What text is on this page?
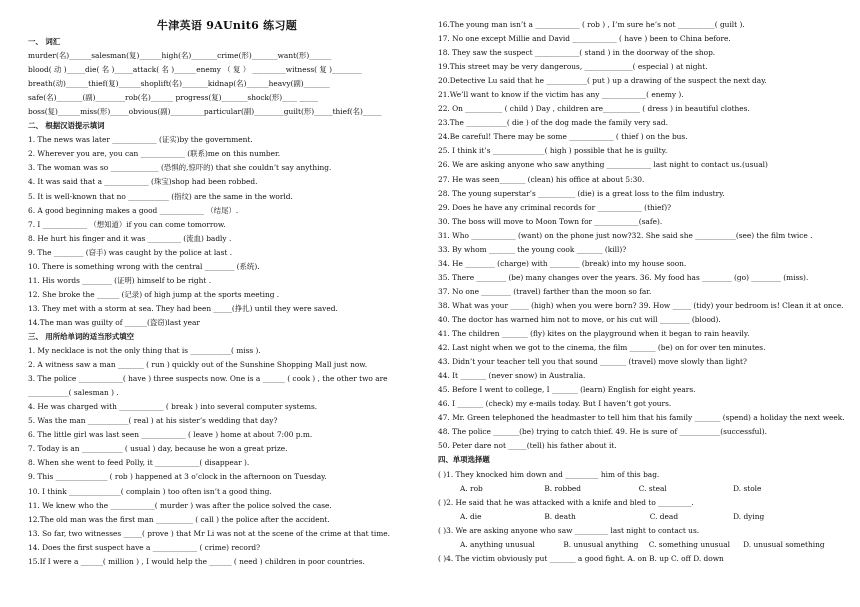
牛津英语 9AUnit6 练习题
一、 词汇
murder(名)______salesman(复)______high(名)_______crime(形)_______want(形)______
blood( 动 )_____die( 名 )_____attack( 名 )______enemy （ 复 ） _________witness( 复 )________
breath(动)______thief(复)______shoplift(名)_______kidnap(名)______heavy(副)_______
safe(名)_______(副)________rob(名)______ progress(复)_______shock(形)____ _____
boss(复)______miss(形)_____obvious(副)_________particular(副)________guilt(形)_____thief(名)_____
二、 根据汉语提示填词
1. The news was later ____________ (证实)by the government.
2. Wherever you are, you can ____________ (联系)me on this number.
3. The woman was so _____________ (恐惧的,惊吓的) that she couldn’t say anything.
4. It was said that a ____________ (珠宝)shop had been robbed.
5. It is well-known that no ___________ (指纹) are the same in the world.
6. A good beginning makes a good ____________ （结尾）.
7. I ____________ （想知道）if you can come tomorrow.
8. He hurt his finger and it was _________ (流血) badly .
9. The ________ (窃手) was caught by the police at last .
10. There is something wrong with the central ________ (系统).
11. His words ________ (证明) himself to be right .
12. She broke the ______ (记录) of high jump at the sports meeting .
13. They met with a storm at sea. They had been _____(挣扎) until they were saved.
14.The man was guilty of ______(盗窃)last year
三、 用所给单词的适当形式填空
1. My necklace is not the only thing that is ___________( miss ).
2. A witness saw a man _______ ( run ) quickly out of the Sunshine Shopping Mall just now.
3. The police ____________( have ) three suspects now. One is a ______ ( cook ) , the other two are
___________( salesman ) .
4. He was charged with ____________ ( break ) into several computer systems.
5. Was the man ___________( real ) at his sister’s wedding that day?
6. The little girl was last seen ____________ ( leave ) home at about 7:00 p.m.
7. Today is an ___________ ( usual ) day, because he won a great prize.
8. When she went to feed Polly, it ____________( disappear ).
9. This ______________ ( rob ) happened at 3 o’clock in the afternoon on Tuesday.
10. I think ______________( complain ) too often isn’t a good thing.
11. We knew who the ____________( murder ) was after the police solved the case.
12.The old man was the first man __________ ( call ) the police after the accident.
13. So far, two witnesses _____( prove ) that Mr Li was not at the scene of the crime at that time.
14. Does the first suspect have a ____________ ( crime) record?
15.If I were a ______( million ) , I would help the ______ ( need ) children in poor countries.
16.The young man isn’t a ____________ ( rob ) , I’m sure he’s not __________( guilt ).
17. No one except Millie and David ____________ ( have ) been to China before.
18. They saw the suspect ____________( stand ) in the doorway of the shop.
19.This street may be very dangerous, _____________( especial ) at night.
20.Detective Lu said that he ___________( put ) up a drawing of the suspect the next day.
21.We’ll want to know if the victim has any ____________( enemy ).
22. On __________ ( child ) Day , children are__________ ( dress ) in beautiful clothes.
23.The ___________( die ) of the dog made the family very sad.
24.Be careful! There may be some ____________ ( thief ) on the bus.
25. I think it’s ______________( high ) possible that he is guilty.
26. We are asking anyone who saw anything ____________ last night to contact us.(usual)
27. He was seen_______ (clean) his office at about 5:30.
28. The young superstar’s __________ (die) is a great loss to the film industry.
29. Does he have any criminal records for ____________ (thief)?
30. The boss will move to Moon Town for ____________(safe).
31. Who ____________ (want) on the phone just now?32. She said she ___________(see) the film twice .
33. By whom _______ the young cook _______ (kill)?
34. He ________ (charge) with ________ (break) into my house soon.
35. There ________ (be) many changes over the years. 36. My food has ________ (go) ________ (miss).
37. No one ________ (travel) farther than the moon so far.
38. What was your _____ (high) when you were born? 39. How _____ (tidy) your bedroom is! Clean it at once.
40. The doctor has warned him not to move, or his cut will ________ (blood).
41. The children _______ (fly) kites on the playground when it began to rain heavily.
42. Last night when we got to the cinema, the film _______ (be) on for over ten minutes.
43. Didn’t your teacher tell you that sound _______ (travel) move slowly than light?
44. It _______ (never snow) in Australia.
45. Before I went to college, I _______ (learn) English for eight years.
46. I _______ (check) my e-mails today. But I haven’t got yours.
47. Mr. Green telephoned the headmaster to tell him that his family _______ (spend) a holiday the next week.
48. The police _______(be) trying to catch thief. 49. He is sure of ___________(successful).
50. Peter dare not _____(tell) his father about it.
四、单项选择题
( )1. They knocked him down and _________ him of this bag.
A. rob	B. robbed	C. steal	D. stole
( )2. He said that he was attacked with a knife and bled to _________.
A. die	B. death	C. dead	D. dying
( )3. We are asking anyone who saw _________ last night to contact us.
A. anything unusual	B. unusual anything C. something unusual D. unusual something
( )4. The victim obviously put _______ a good fight. A. on B. up C. off D. down
